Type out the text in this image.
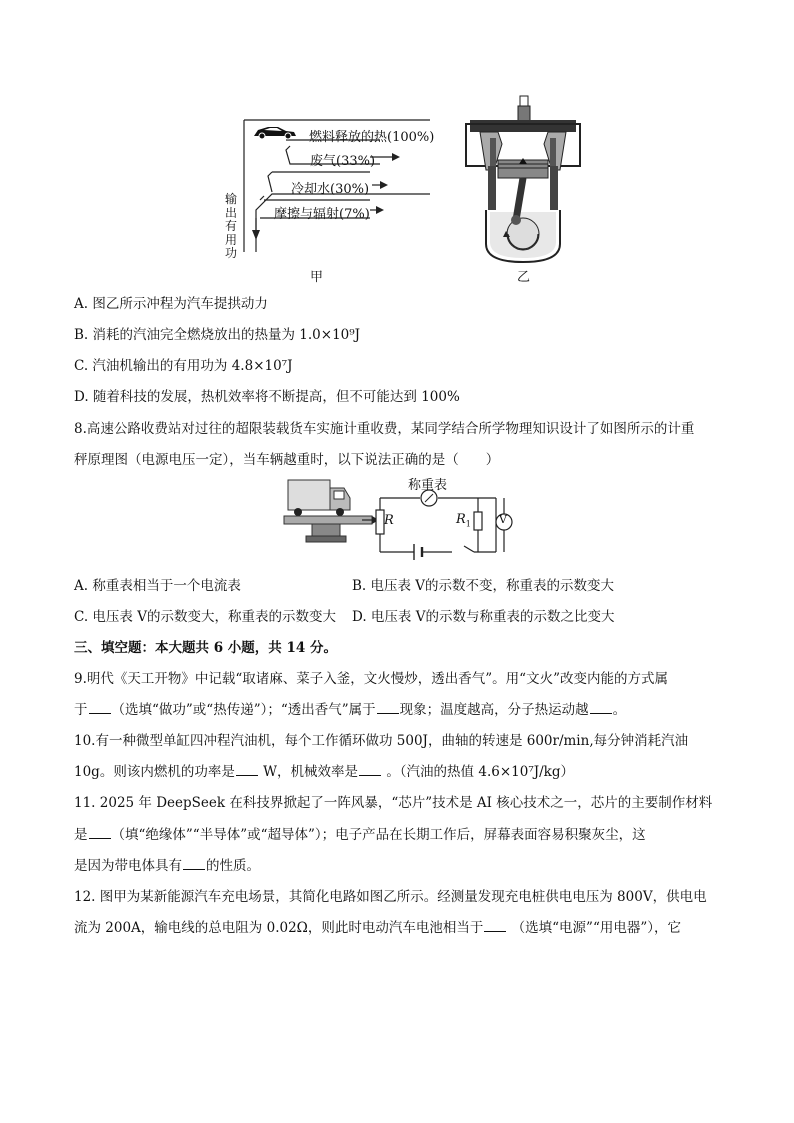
燃料释放的热(100%)
废气(33%)
冷却水(30%)
摩擦与辐射(7%)
输
出
有
用
功
甲	乙
A. 图乙所示冲程为汽车提拱动力
B. 消耗的汽油完全燃烧放出的热量为 1.0×10⁹J
C. 汽油机输出的有用功为 4.8×10⁷J
D. 随着科技的发展，热机效率将不断提高，但不可能达到 100%
8.高速公路收费站对过往的超限装载货车实施计重收费，某同学结合所学物理知识设计了如图所示的计重
秤原理图（电源电压一定），当车辆越重时，以下说法正确的是（　　）
称重表
R	$R_1$	V
A. 称重表相当于一个电流表	B. 电压表 V的示数不变，称重表的示数变大
C. 电压表 V的示数变大，称重表的示数变大 D. 电压表 V的示数与称重表的示数之比变大
三、填空题：本大题共 6 小题，共 14 分。
9.明代《天工开物》中记载“取诸麻、菜子入釜，文火慢炒，透出香气”。用“文火”改变内能的方式属
于 （选填“做功”或“热传递”）；“透出香气”属于 现象；温度越高，分子热运动越 。
10.有一种微型单缸四冲程汽油机，每个工作循环做功 500J，曲轴的转速是 600r/min,每分钟消耗汽油
10g。则该内燃机的功率是 W，机械效率是 。（汽油的热值 4.6×10⁷J/kg）
11. 2025 年 DeepSeek 在科技界掀起了一阵风暴，“芯片”技术是 AI 核心技术之一，芯片的主要制作材料
是 （填“绝缘体”“半导体”或“超导体”）；电子产品在长期工作后，屏幕表面容易积聚灰尘，这
是因为带电体具有 的性质。
12. 图甲为某新能源汽车充电场景，其简化电路如图乙所示。经测量发现充电桩供电电压为 800V，供电电
流为 200A，输电线的总电阻为 0.02Ω，则此时电动汽车电池相当于 （选填“电源”“用电器”），它
